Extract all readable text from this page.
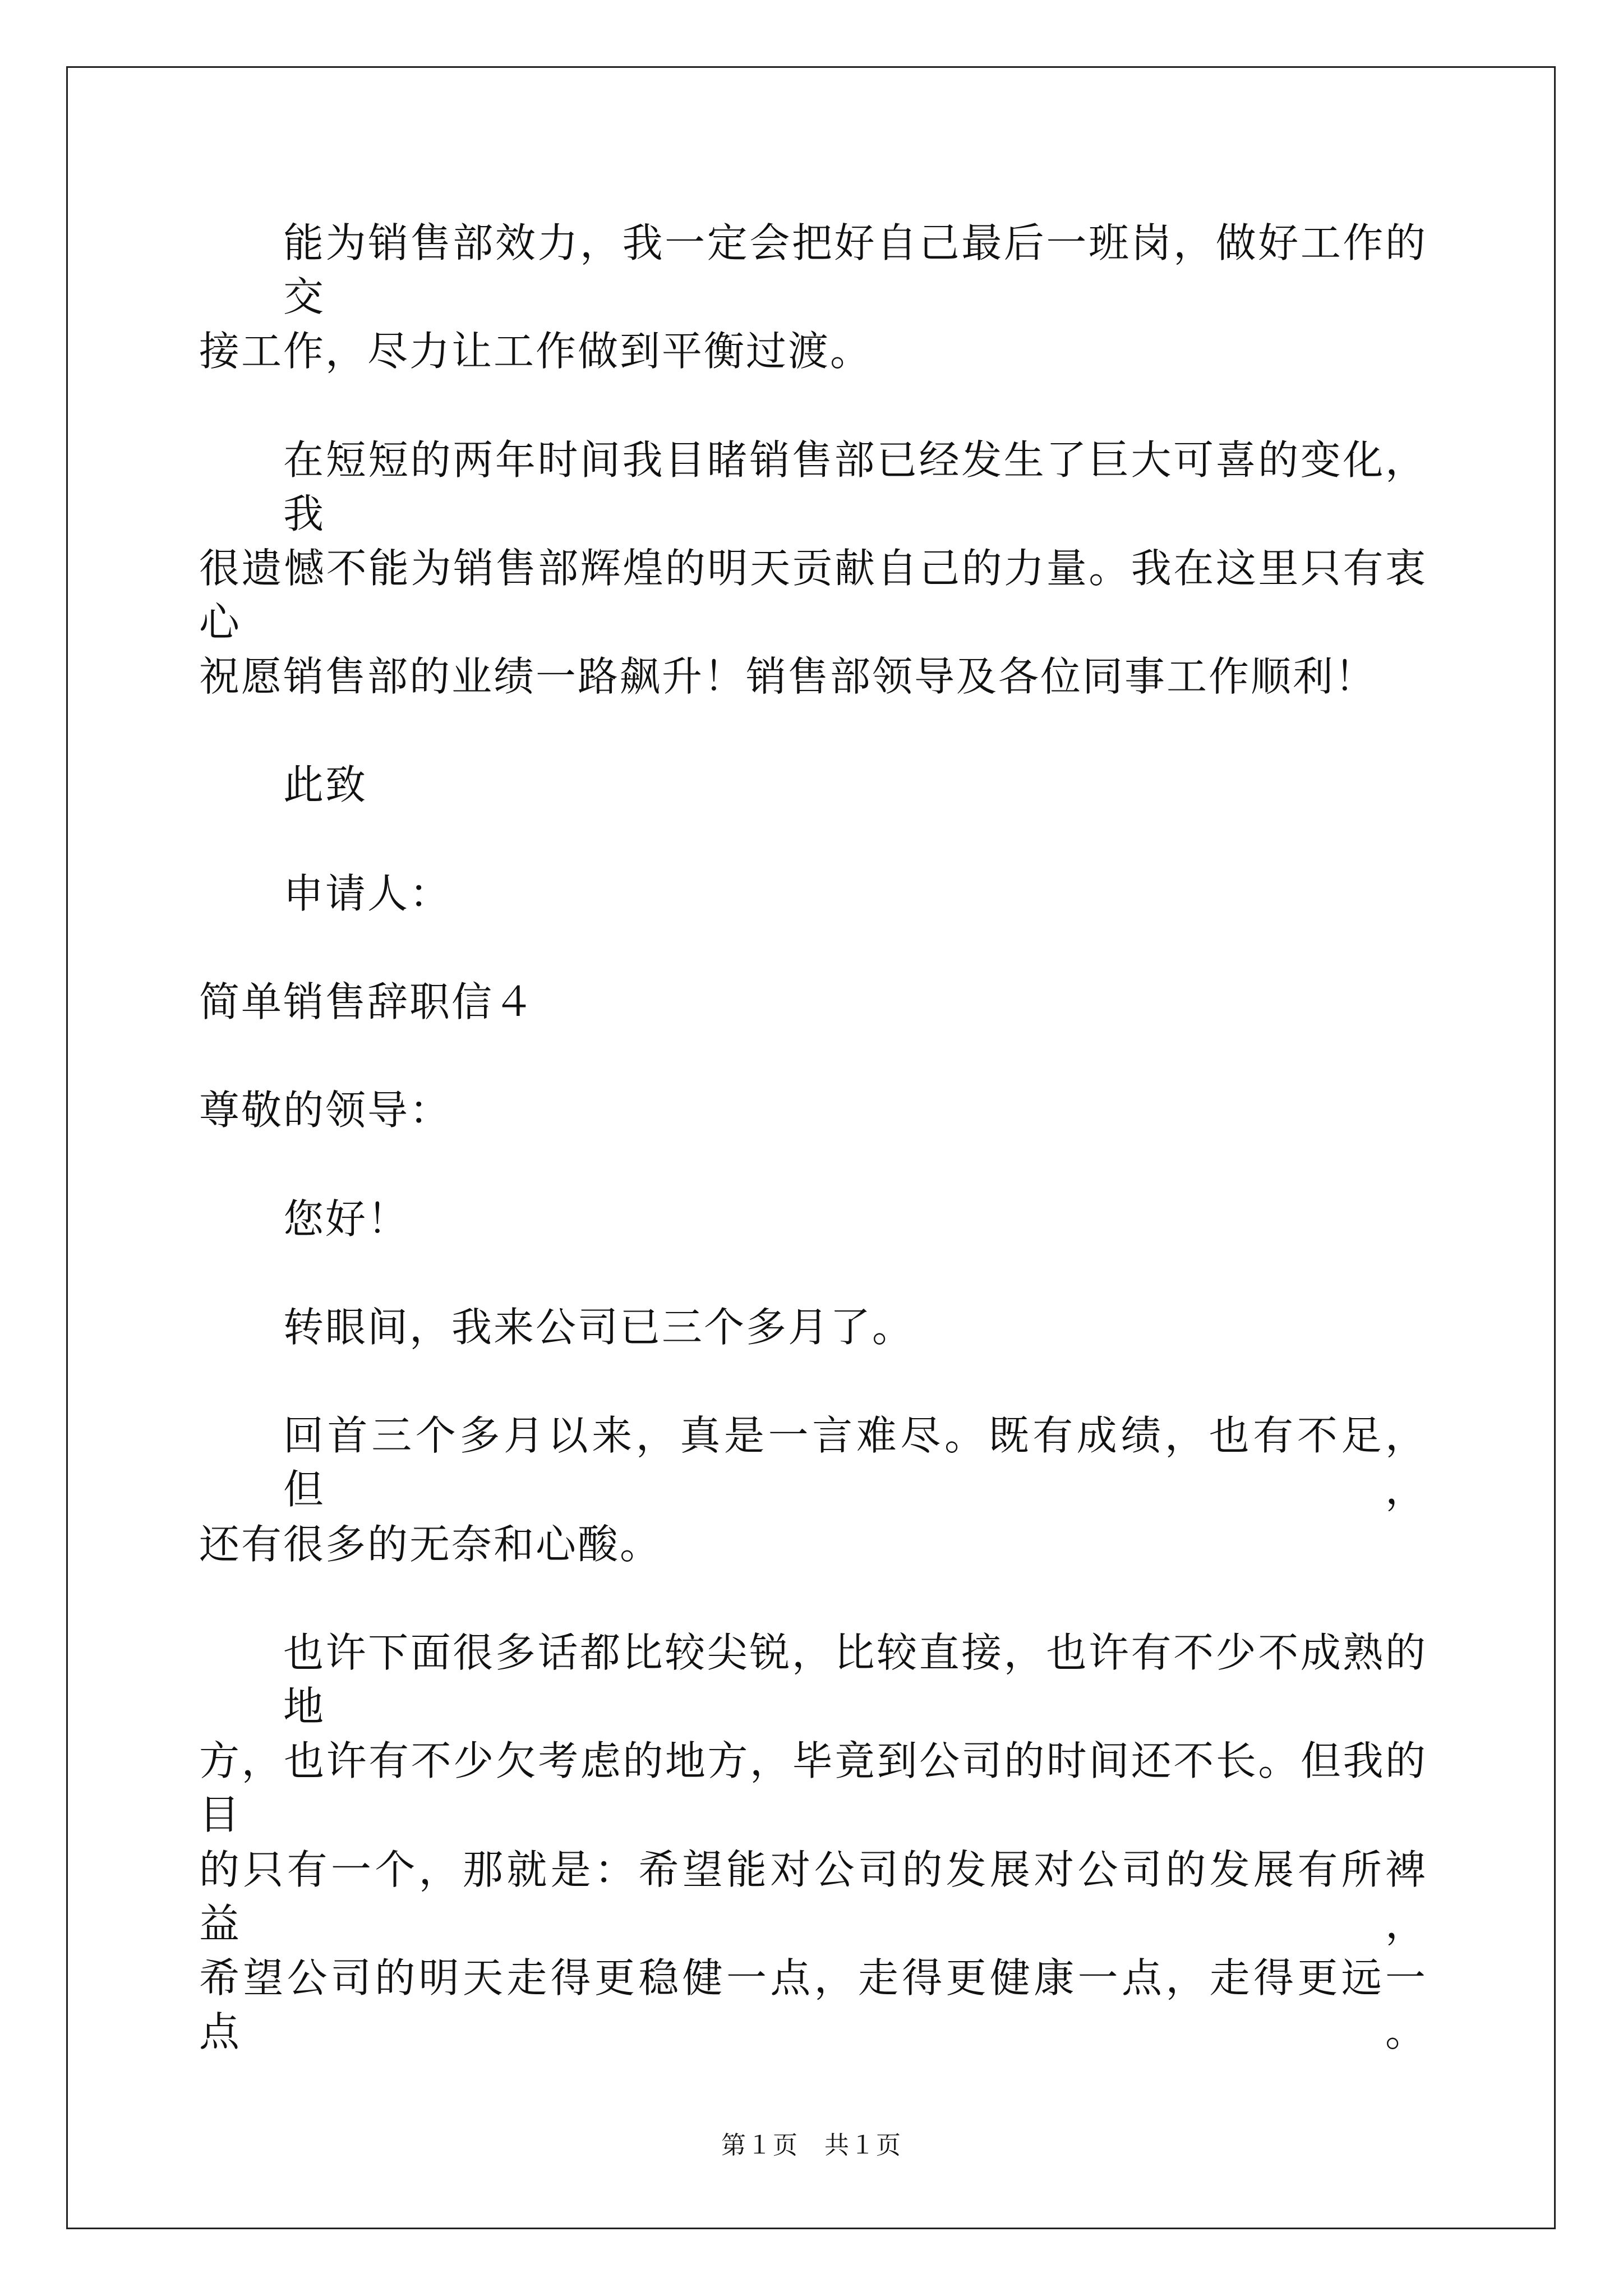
能为销售部效力，我一定会把好自己最后一班岗，做好工作的交
接工作，尽力让工作做到平衡过渡。
在短短的两年时间我目睹销售部已经发生了巨大可喜的变化，我
很遗憾不能为销售部辉煌的明天贡献自己的力量。我在这里只有衷心
祝愿销售部的业绩一路飙升！销售部领导及各位同事工作顺利！
此致
申请人：
简单销售辞职信４
尊敬的领导：
您好！
转眼间，我来公司已三个多月了。
回首三个多月以来，真是一言难尽。既有成绩，也有不足，但，
还有很多的无奈和心酸。
也许下面很多话都比较尖锐，比较直接，也许有不少不成熟的地
方，也许有不少欠考虑的地方，毕竟到公司的时间还不长。但我的目
的只有一个，那就是：希望能对公司的发展对公司的发展有所裨益，
希望公司的明天走得更稳健一点，走得更健康一点，走得更远一点。
第１页　共１页
